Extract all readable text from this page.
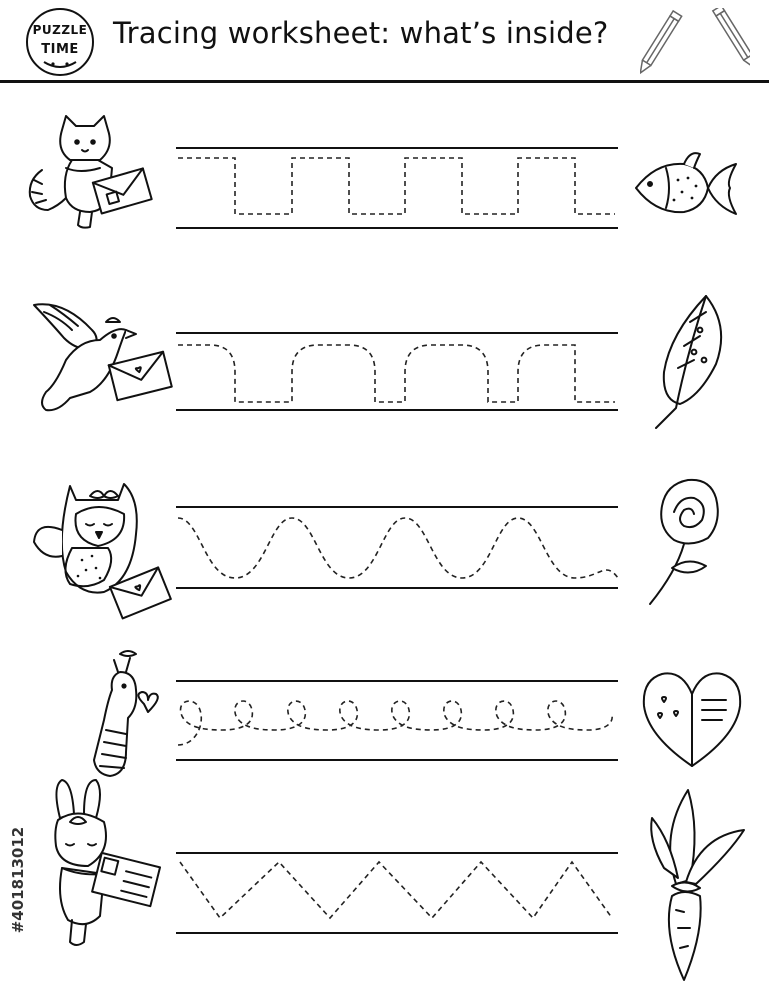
PUZZLE
TIME	Tracing worksheet: what’s inside?
#401813012
